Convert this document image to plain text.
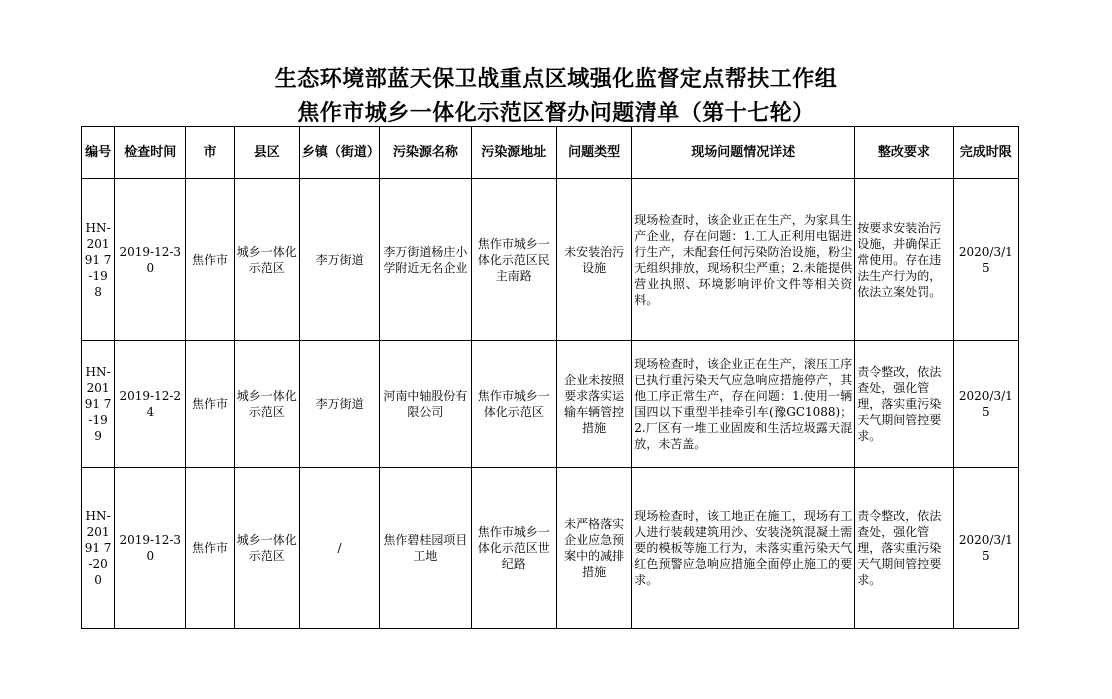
生态环境部蓝天保卫战重点区域强化监督定点帮扶工作组
焦作市城乡一体化示范区督办问题清单（第十七轮）
编号	检查时间	市	县区	乡镇（街道）	污染源名称	污染源地址	问题类型	现场问题情况详述	整改要求	完成时限
HN-20191 7-19 8	2019-12-30	焦作市	城乡一体化示范区	李万街道	李万街道杨庄小学附近无名企业	焦作市城乡一体化示范区民主南路	未安装治污设施	现场检查时，该企业正在生产，为家具生产企业，存在问题：1.工人正利用电锯进行生产，未配套任何污染防治设施，粉尘无组织排放，现场积尘严重；2.未能提供营业执照、环境影响评价文件等相关资料。	按要求安装治污设施，并确保正常使用。存在违法生产行为的，依法立案处罚。	2020/3/15
HN-20191 7-19 9	2019-12-24	焦作市	城乡一体化示范区	李万街道	河南中轴股份有限公司	焦作市城乡一体化示范区	企业未按照要求落实运输车辆管控措施	现场检查时，该企业正在生产，滚压工序已执行重污染天气应急响应措施停产，其他工序正常生产，存在问题：1.使用一辆国四以下重型半挂牵引车(豫GC1088)；2.厂区有一堆工业固废和生活垃圾露天混放，未苫盖。	责令整改，依法查处，强化管理，落实重污染天气期间管控要求。	2020/3/15
HN-20191 7-20 0	2019-12-30	焦作市	城乡一体化示范区	/	焦作碧桂园项目工地	焦作市城乡一体化示范区世纪路	未严格落实企业应急预案中的减排措施	现场检查时，该工地正在施工，现场有工人进行装载建筑用沙、安装浇筑混凝土需要的模板等施工行为，未落实重污染天气红色预警应急响应措施全面停止施工的要求。	责令整改，依法查处，强化管理，落实重污染天气期间管控要求。	2020/3/15
